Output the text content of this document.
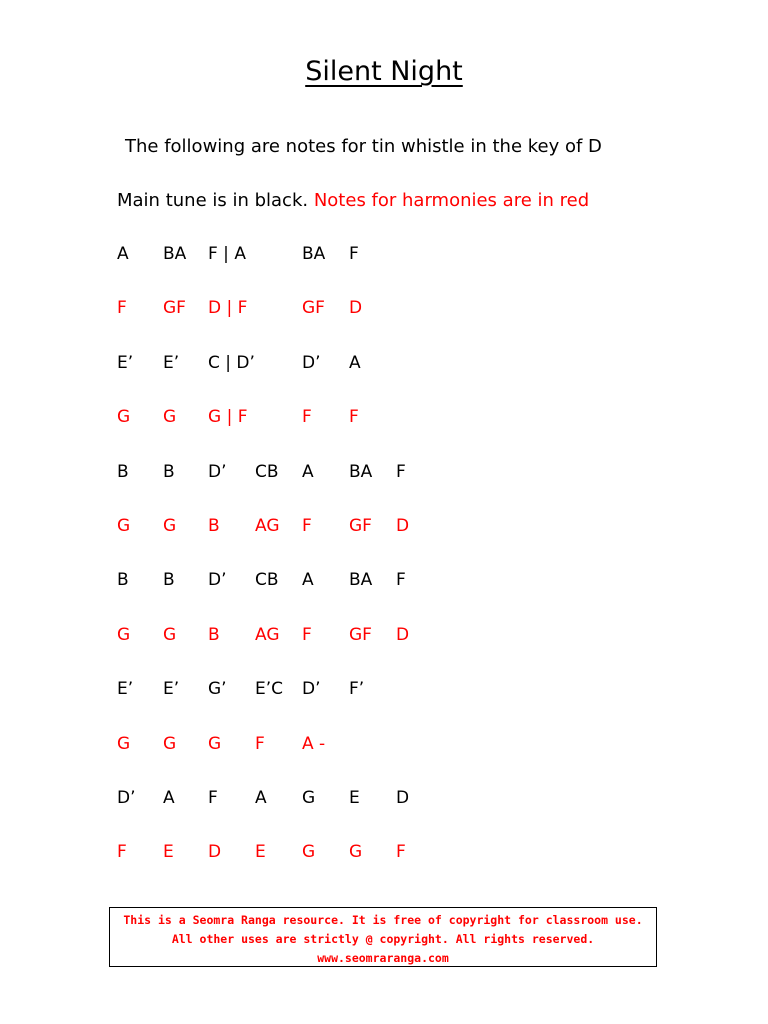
Silent Night
The following are notes for tin whistle in the key of D
Main tune is in black. Notes for harmonies are in red
A BA F | A	BA F
F GF D | F	GF D
E’ E’ C | D’	D’ A
G G G | F	F F
B B D’ CB A BA F
G G B AG F GF D
B B D’ CB A BA F
G G B AG F GF D
E’ E’ G’ E’C D’ F’
G G G F A -
D’ A F A G E D
F E D E G G F
This is a Seomra Ranga resource. It is free of copyright for classroom use.
All other uses are strictly @ copyright. All rights reserved.
www.seomraranga.com
